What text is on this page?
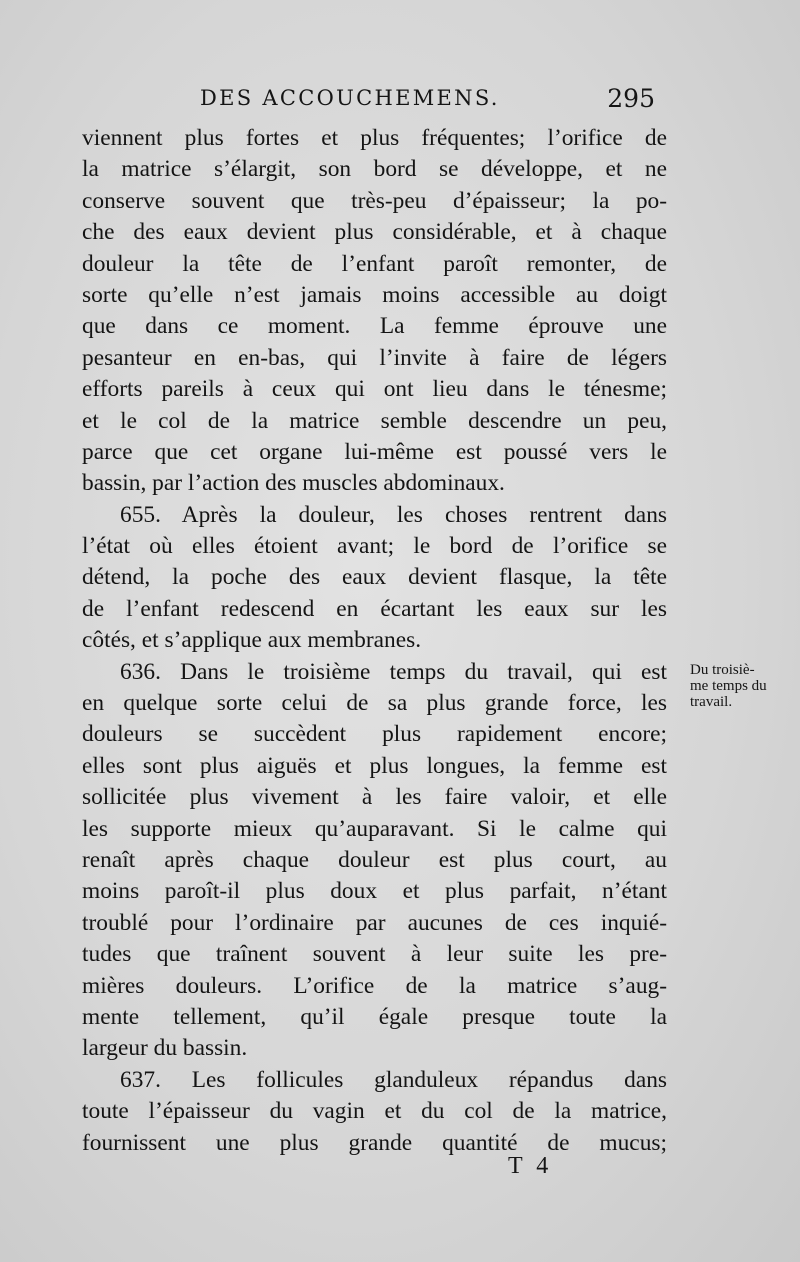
DES ACCOUCHEMENS.	295
viennent plus fortes et plus fréquentes; l’orifice de
la matrice s’élargit, son bord se développe, et ne
conserve souvent que très-peu d’épaisseur; la po-
che des eaux devient plus considérable, et à chaque
douleur la tête de l’enfant paroît remonter, de
sorte qu’elle n’est jamais moins accessible au doigt
que dans ce moment. La femme éprouve une
pesanteur en en-bas, qui l’invite à faire de légers
efforts pareils à ceux qui ont lieu dans le ténesme;
et le col de la matrice semble descendre un peu,
parce que cet organe lui-même est poussé vers le
bassin, par l’action des muscles abdominaux.
655. Après la douleur, les choses rentrent dans
l’état où elles étoient avant; le bord de l’orifice se
détend, la poche des eaux devient flasque, la tête
de l’enfant redescend en écartant les eaux sur les
côtés, et s’applique aux membranes.
636. Dans le troisième temps du travail, qui est
en quelque sorte celui de sa plus grande force, les
douleurs se succèdent plus rapidement encore;
elles sont plus aiguës et plus longues, la femme est
sollicitée plus vivement à les faire valoir, et elle
les supporte mieux qu’auparavant. Si le calme qui
renaît après chaque douleur est plus court, au
moins paroît-il plus doux et plus parfait, n’étant
troublé pour l’ordinaire par aucunes de ces inquié-
tudes que traînent souvent à leur suite les pre-
mières douleurs. L’orifice de la matrice s’aug-
mente tellement, qu’il égale presque toute la
largeur du bassin.
637. Les follicules glanduleux répandus dans
toute l’épaisseur du vagin et du col de la matrice,
fournissent une plus grande quantité de mucus;
Du troisiè-
me temps du
travail.
T 4
